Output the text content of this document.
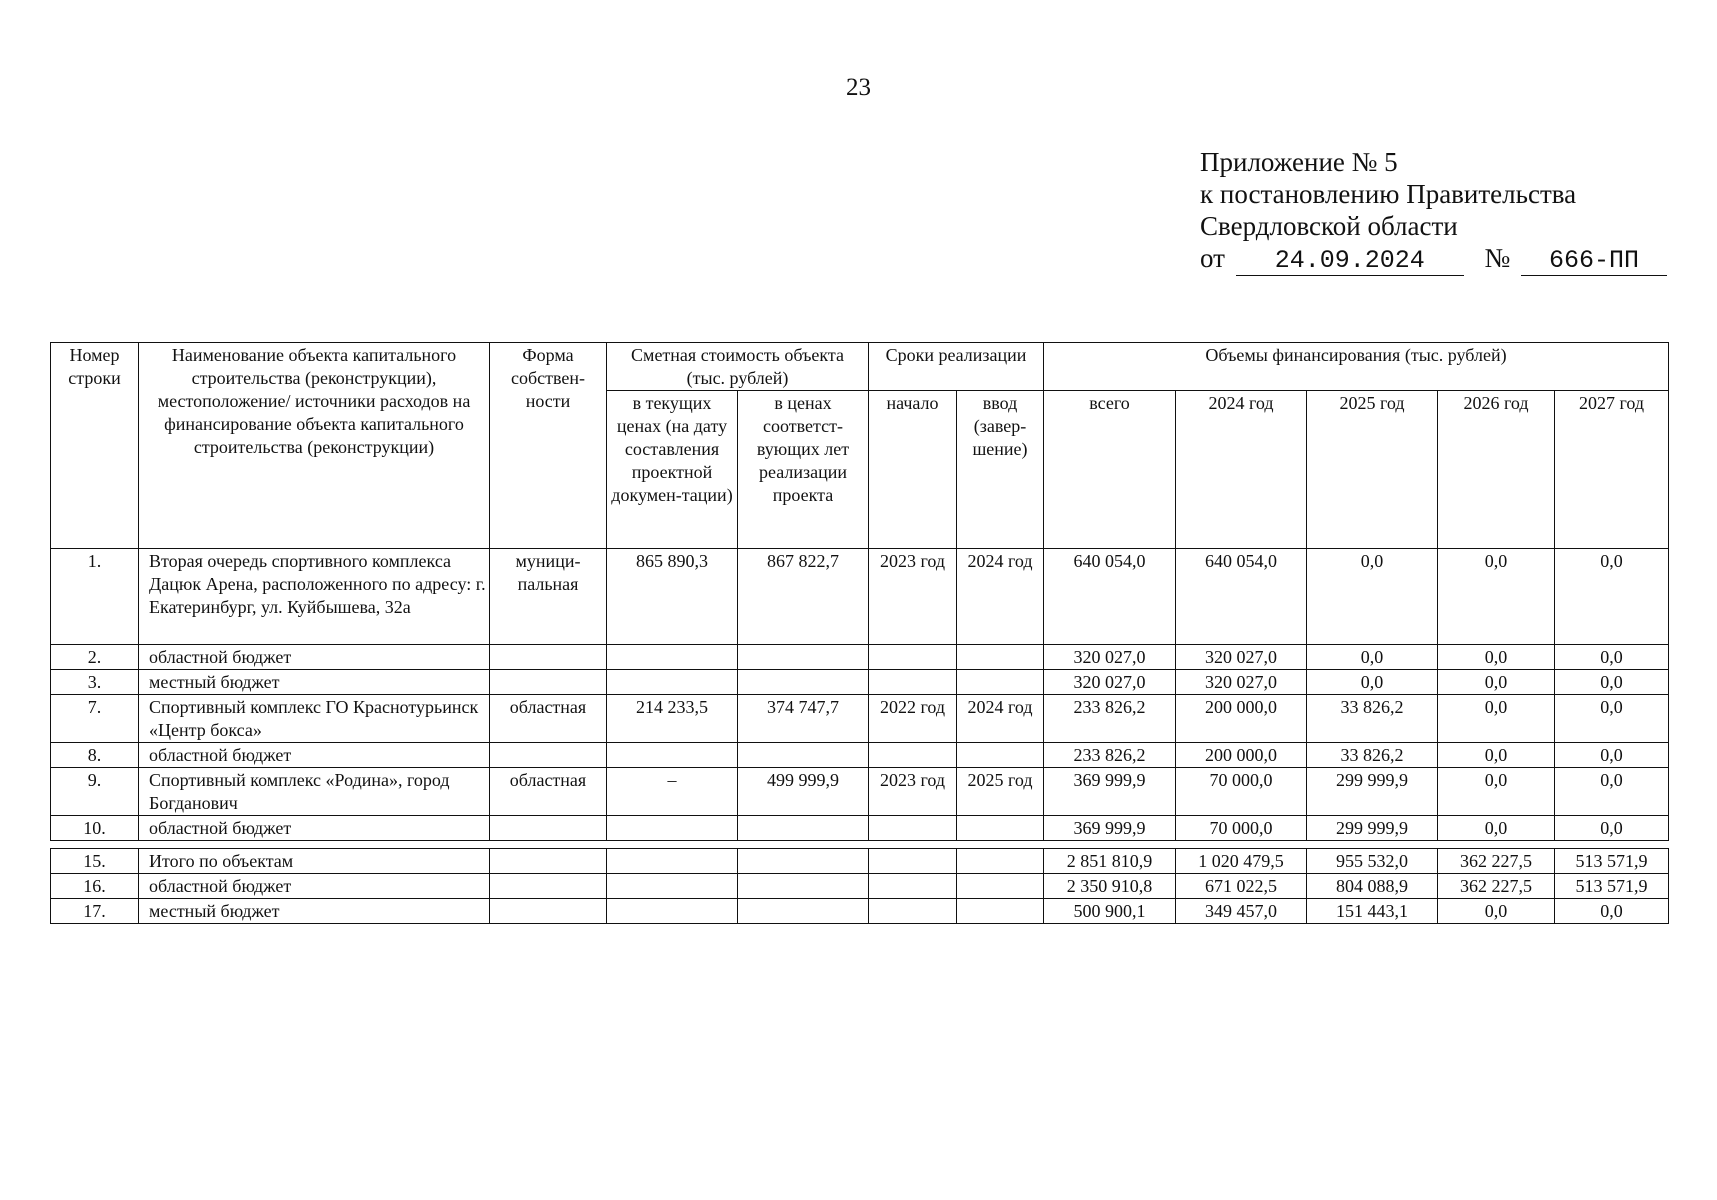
23
Приложение № 5
к постановлению Правительства
Свердловской области
от 24.09.2024 № 666-ПП
Номер строки	Наименование объекта капитального строительства (реконструкции), местоположение/ источники расходов на финансирование объекта капитального строительства (реконструкции)	Форма собствен-ности	Сметная стоимость объекта (тыс. рублей)		Сроки реализации		Объемы финансирования (тыс. рублей)				
			в текущих ценах (на дату составления проектной докумен-тации)	в ценах соответст-вующих лет реализации проекта	начало	ввод (завер-шение)	всего	2024 год	2025 год	2026 год	2027 год
1.	Вторая очередь спортивного комплекса Дацюк Арена, расположенного по адресу: г. Екатеринбург, ул. Куйбышева, 32а	муници-пальная	865 890,3	867 822,7	2023 год	2024 год	640 054,0	640 054,0	0,0	0,0	0,0
2.	областной бюджет						320 027,0	320 027,0	0,0	0,0	0,0
3.	местный бюджет						320 027,0	320 027,0	0,0	0,0	0,0
7.	Спортивный комплекс ГО Краснотурьинск «Центр бокса»	областная	214 233,5	374 747,7	2022 год	2024 год	233 826,2	200 000,0	33 826,2	0,0	0,0
8.	областной бюджет						233 826,2	200 000,0	33 826,2	0,0	0,0
9.	Спортивный комплекс «Родина», город Богданович	областная	–	499 999,9	2023 год	2025 год	369 999,9	70 000,0	299 999,9	0,0	0,0
10.	областной бюджет						369 999,9	70 000,0	299 999,9	0,0	0,0
15.	Итого по объектам						2 851 810,9	1 020 479,5	955 532,0	362 227,5	513 571,9
16.	областной бюджет						2 350 910,8	671 022,5	804 088,9	362 227,5	513 571,9
17.	местный бюджет						500 900,1	349 457,0	151 443,1	0,0	0,0
